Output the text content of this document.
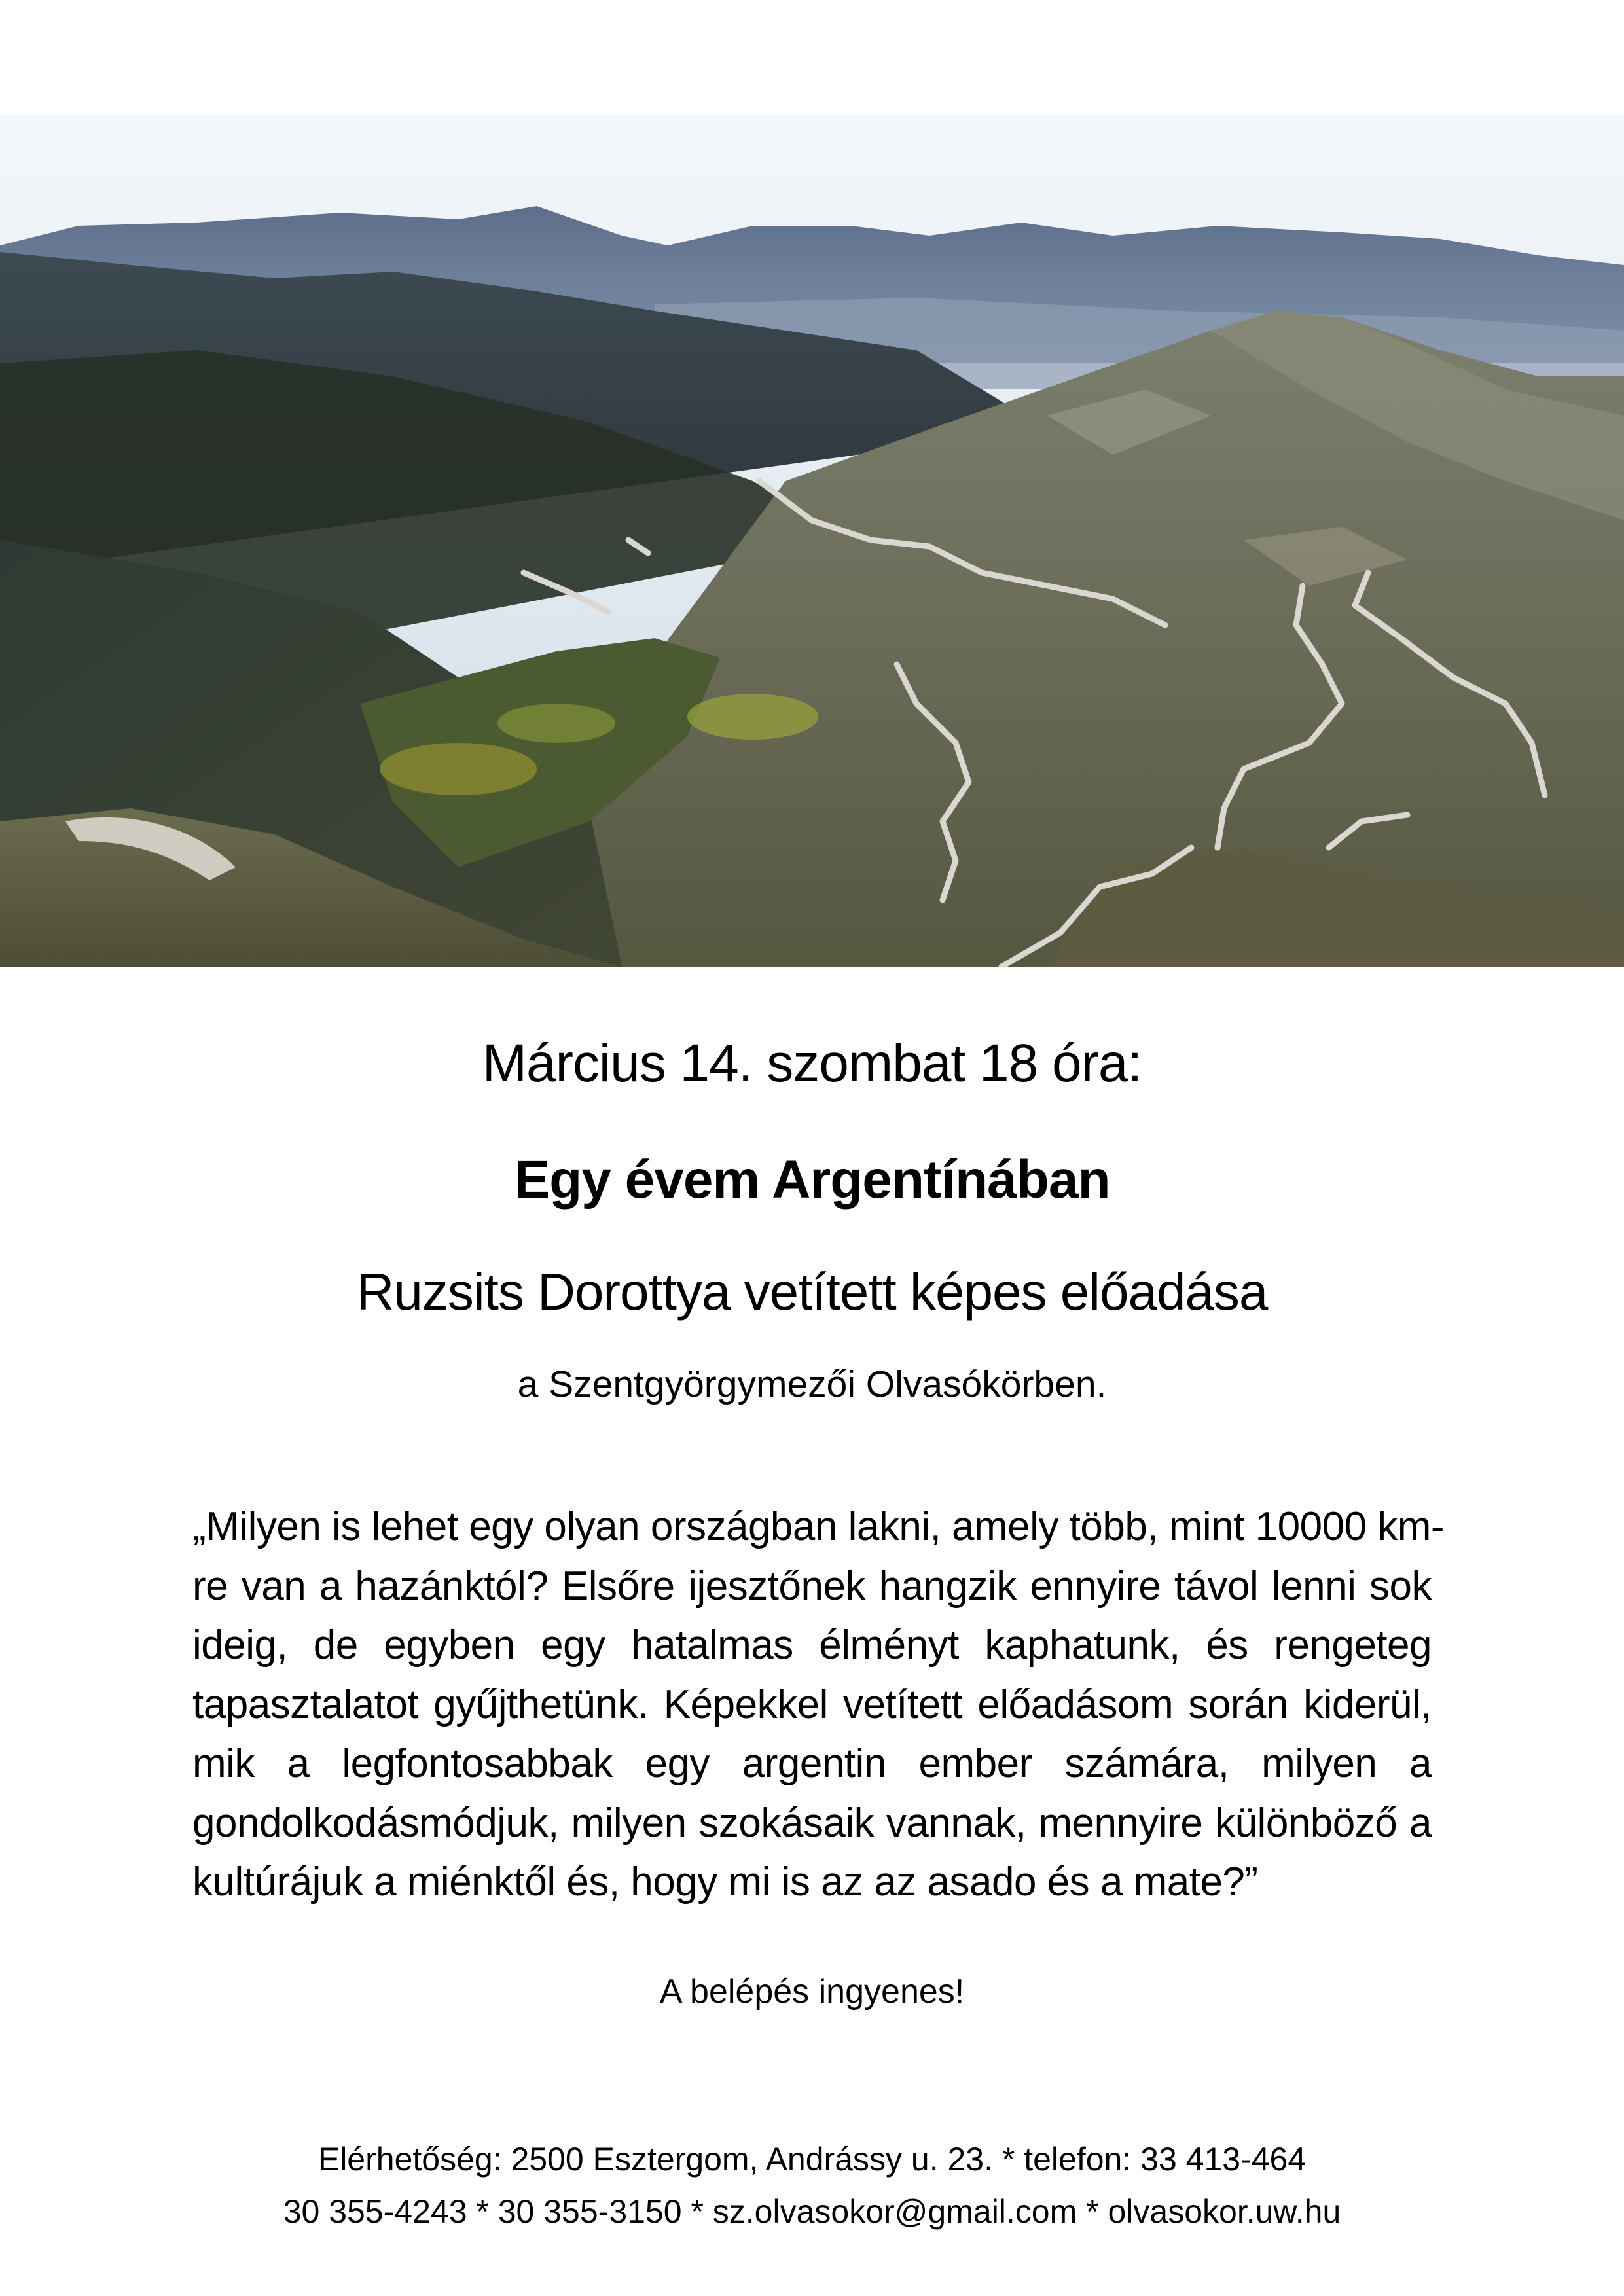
Március 14. szombat 18 óra:
Egy évem Argentínában
Ruzsits Dorottya vetített képes előadása
a Szentgyörgymezői Olvasókörben.
„Milyen is lehet egy olyan országban lakni, amely több, mint 10000 km-
re van a hazánktól? Elsőre ijesztőnek hangzik ennyire távol lenni sok
ideig, de egyben egy hatalmas élményt kaphatunk, és rengeteg
tapasztalatot gyűjthetünk. Képekkel vetített előadásom során kiderül,
mik a legfontosabbak egy argentin ember számára, milyen a
gondolkodásmódjuk, milyen szokásaik vannak, mennyire különböző a
kultúrájuk a miénktől és, hogy mi is az az asado és a mate?”
A belépés ingyenes!
Elérhetőség: 2500 Esztergom, Andrássy u. 23. * telefon: 33 413-464
30 355-4243 * 30 355-3150 * sz.olvasokor@gmail.com * olvasokor.uw.hu
